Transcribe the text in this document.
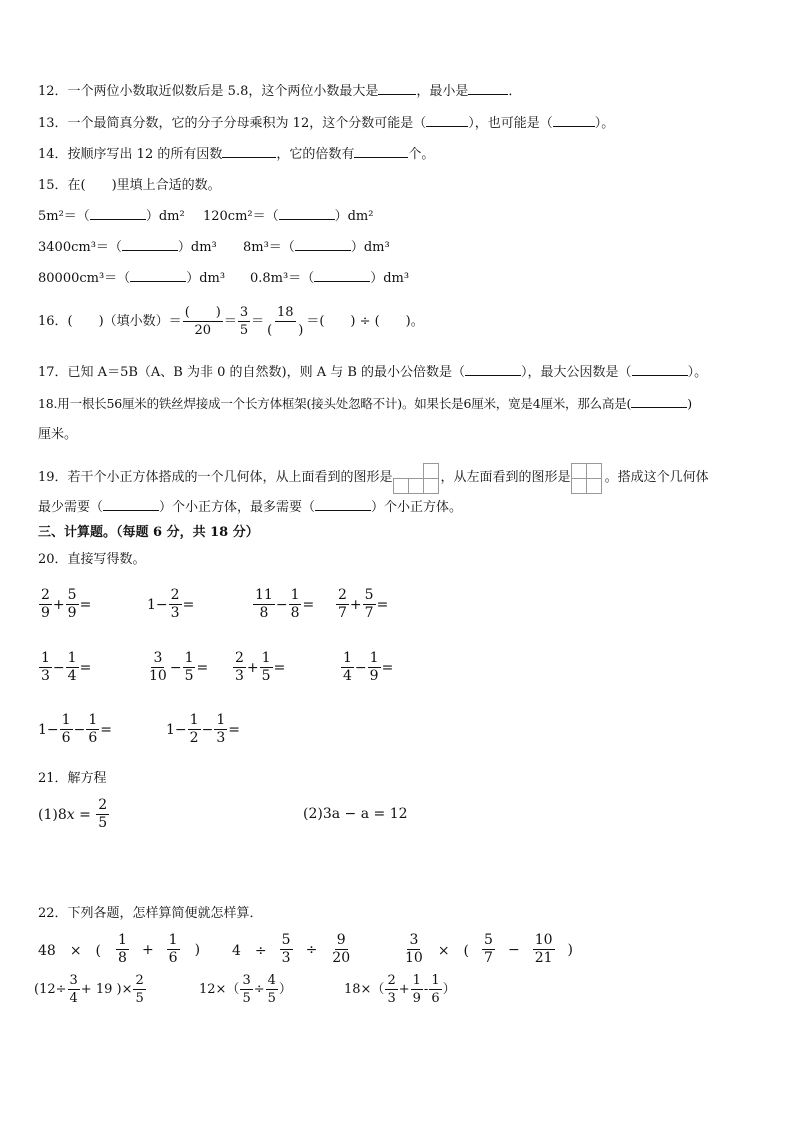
12．一个两位小数取近似数后是 5.8，这个两位小数最大是	，最小是	．
13．一个最简真分数，它的分子分母乘积为 12，这个分数可能是（	），也可能是（	）。
14．按顺序写出 12 的所有因数	，它的倍数有	个。
15．在(　　)里填上合适的数。
5m²＝（	）dm² 120cm²＝（	）dm²
3400cm³＝（	）dm³ 8m³＝（	）dm³
80000cm³＝（	）dm³ 0.8m³＝（	）dm³
16．(　　)（填小数）＝ $\frac{( )}{20} = \frac{3}{5} = \frac{18}{( )}$ ＝(　　) ÷ (　　)。
17．已知 A＝5B（A、B 为非 0 的自然数)，则 A 与 B 的最小公倍数是（	），最大公因数是（	）。
18.用一根长56厘米的铁丝焊接成一个长方体框架(接头处忽略不计)。如果长是6厘米，宽是4厘米，那么高是(	)
厘米。
19．若干个小正方体搭成的一个几何体，从上面看到的图形是	，从左面看到的图形是	。搭成这个几何体
最少需要（	）个小正方体，最多需要（	）个小正方体。
三、计算题。（每题 6 分，共 18 分）
20．直接写得数。
$\frac{2}{9} + \frac{5}{9}$ =	$1 - \frac{2}{3}$ =	$\frac{11}{8} - \frac{1}{8} = \frac{2}{7} + \frac{5}{7}$ =
$\frac{1}{3} - \frac{1}{4}$ =	$\frac{3}{10} - \frac{1}{5} = \frac{2}{3} + \frac{1}{5}$ =	$\frac{1}{4} - \frac{1}{9}$ =
$1 - \frac{1}{6} - \frac{1}{6}$ =	$1 - \frac{1}{2} - \frac{1}{3}$ =
21．解方程
(1)8 $x = \frac{2}{5}$	(2)3a − a = 12
22．下列各题，怎样算简便就怎样算．
48　×　( $\frac{1}{8} + \frac{1}{6}$ ) 4　÷ $\frac{5}{3} \div \frac{9}{20}$	$\frac{3}{10}$ ×　( $\frac{5}{7} - \frac{10}{21}$ )
($12\div \frac{3}{4} + 19$ )× $\frac{2}{5}$	$12\times( \frac{3}{5} \div \frac{4}{5}$ ）	$18\times( \frac{2}{3} + \frac{1}{9} - \frac{1}{6}$ ）
